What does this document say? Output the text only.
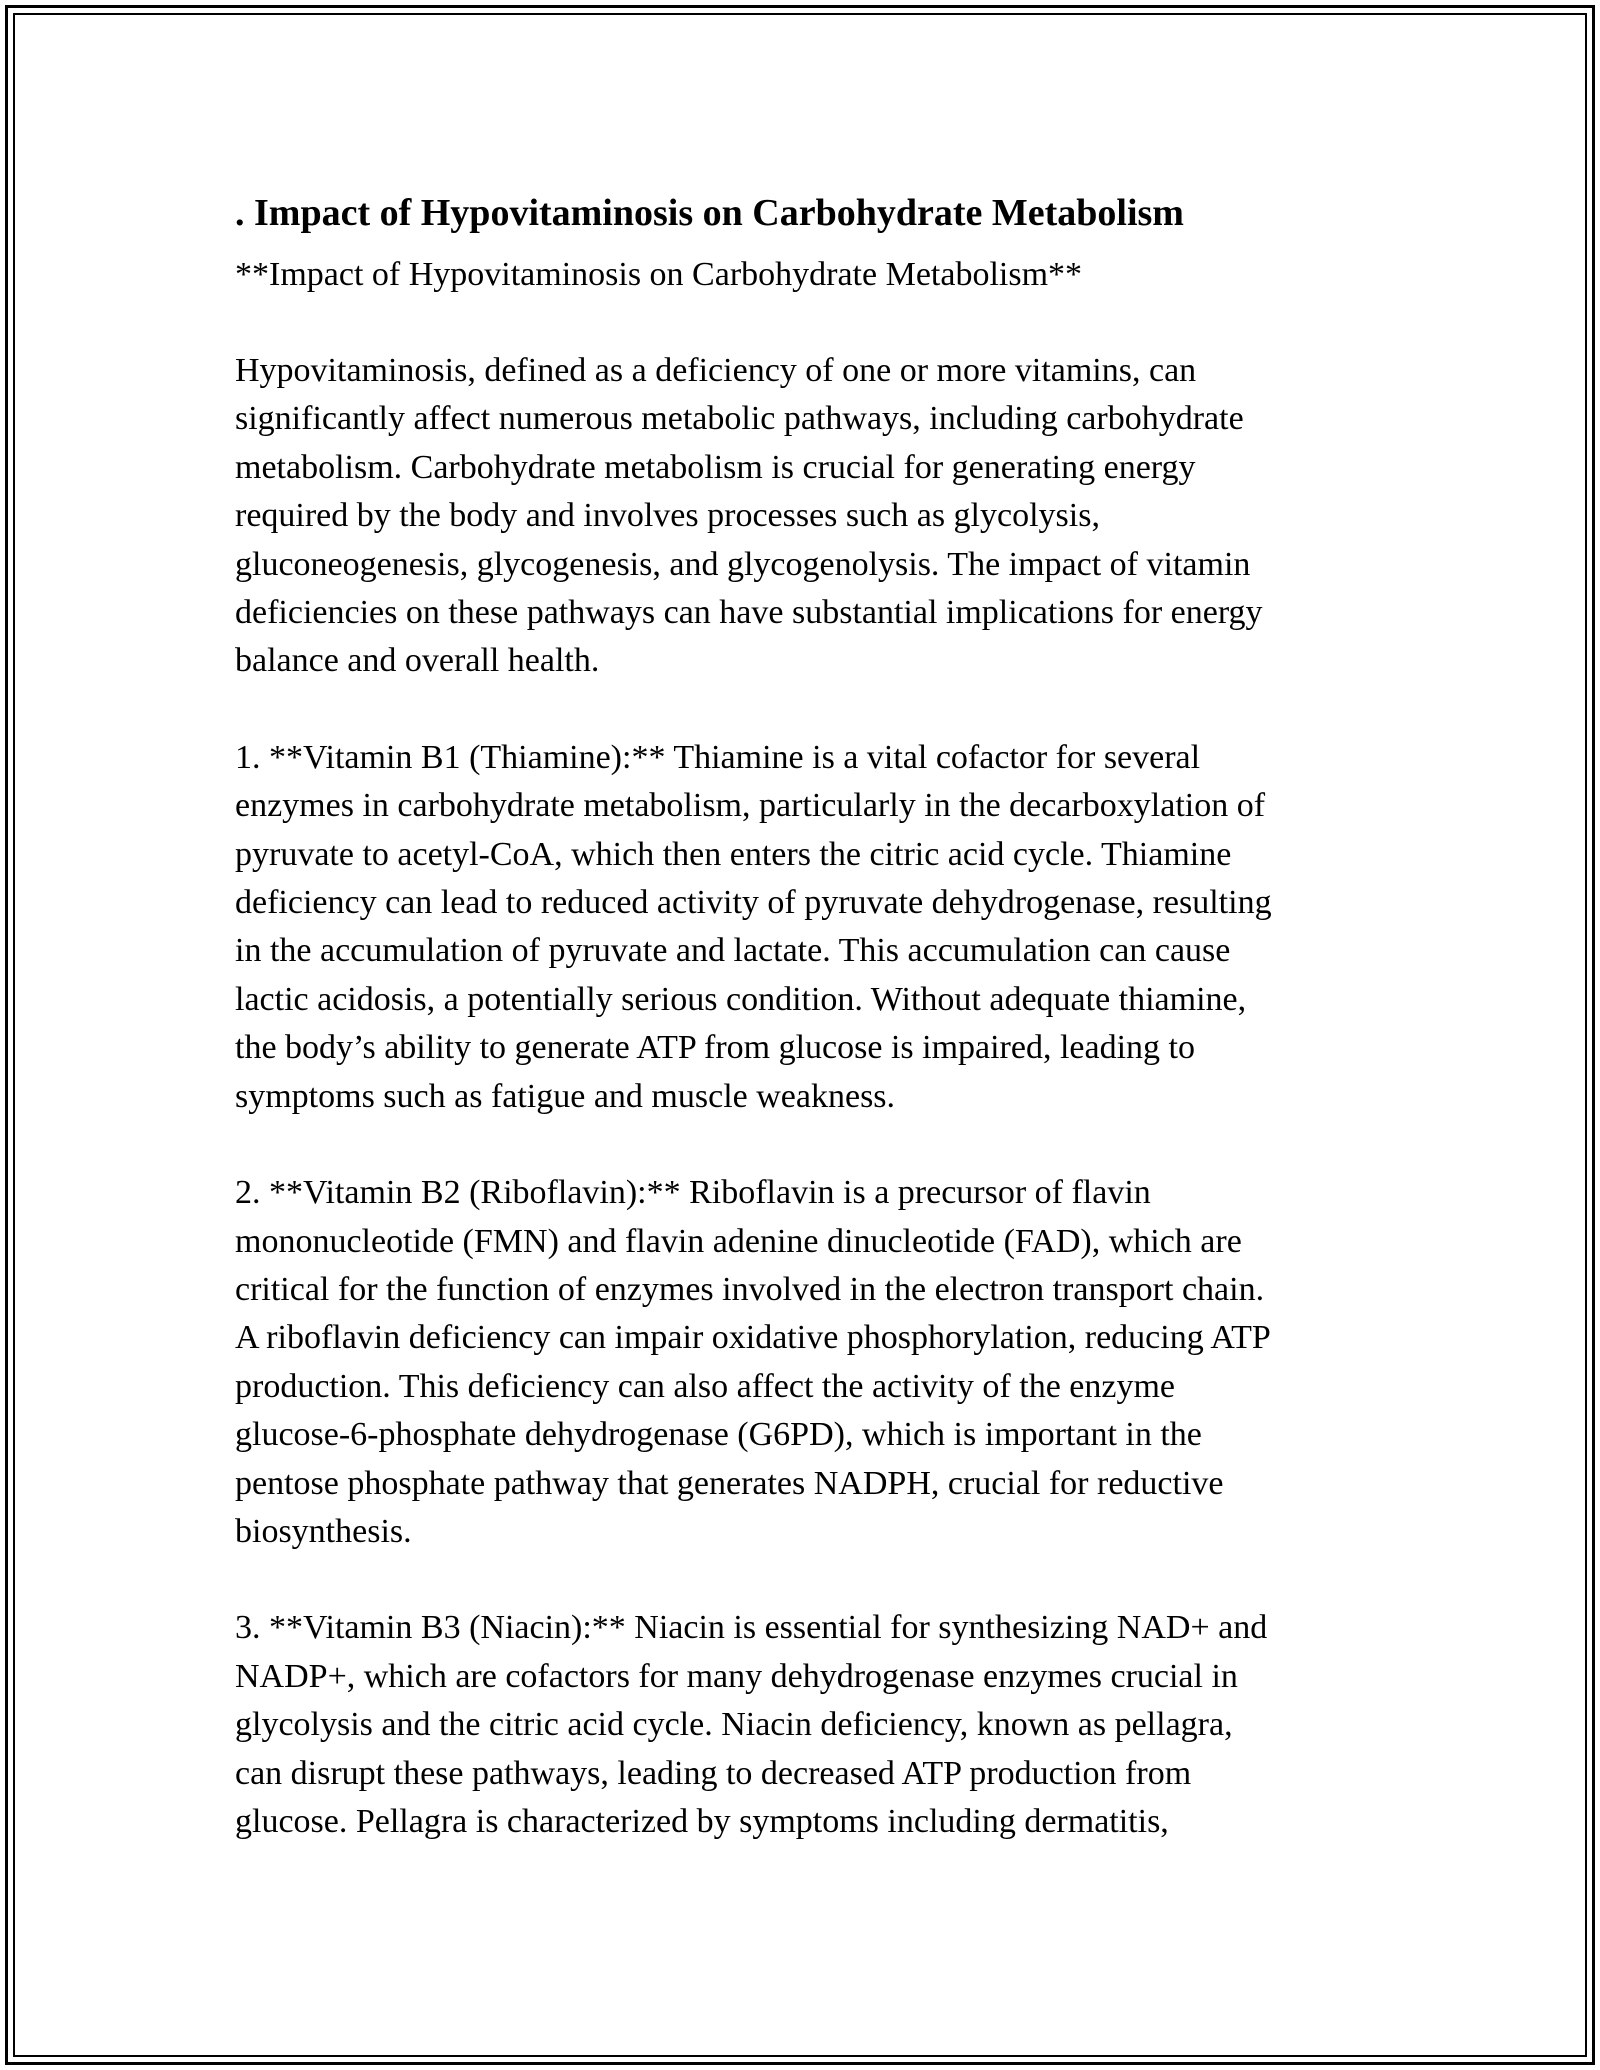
. Impact of Hypovitaminosis on Carbohydrate Metabolism

**Impact of Hypovitaminosis on Carbohydrate Metabolism**

Hypovitaminosis, defined as a deficiency of one or more vitamins, can
significantly affect numerous metabolic pathways, including carbohydrate
metabolism. Carbohydrate metabolism is crucial for generating energy
required by the body and involves processes such as glycolysis,
gluconeogenesis, glycogenesis, and glycogenolysis. The impact of vitamin
deficiencies on these pathways can have substantial implications for energy
balance and overall health.

1. **Vitamin B1 (Thiamine):** Thiamine is a vital cofactor for several
enzymes in carbohydrate metabolism, particularly in the decarboxylation of
pyruvate to acetyl-CoA, which then enters the citric acid cycle. Thiamine
deficiency can lead to reduced activity of pyruvate dehydrogenase, resulting
in the accumulation of pyruvate and lactate. This accumulation can cause
lactic acidosis, a potentially serious condition. Without adequate thiamine,
the body’s ability to generate ATP from glucose is impaired, leading to
symptoms such as fatigue and muscle weakness.

2. **Vitamin B2 (Riboflavin):** Riboflavin is a precursor of flavin
mononucleotide (FMN) and flavin adenine dinucleotide (FAD), which are
critical for the function of enzymes involved in the electron transport chain.
A riboflavin deficiency can impair oxidative phosphorylation, reducing ATP
production. This deficiency can also affect the activity of the enzyme
glucose-6-phosphate dehydrogenase (G6PD), which is important in the
pentose phosphate pathway that generates NADPH, crucial for reductive
biosynthesis.

3. **Vitamin B3 (Niacin):** Niacin is essential for synthesizing NAD+ and
NADP+, which are cofactors for many dehydrogenase enzymes crucial in
glycolysis and the citric acid cycle. Niacin deficiency, known as pellagra,
can disrupt these pathways, leading to decreased ATP production from
glucose. Pellagra is characterized by symptoms including dermatitis,
